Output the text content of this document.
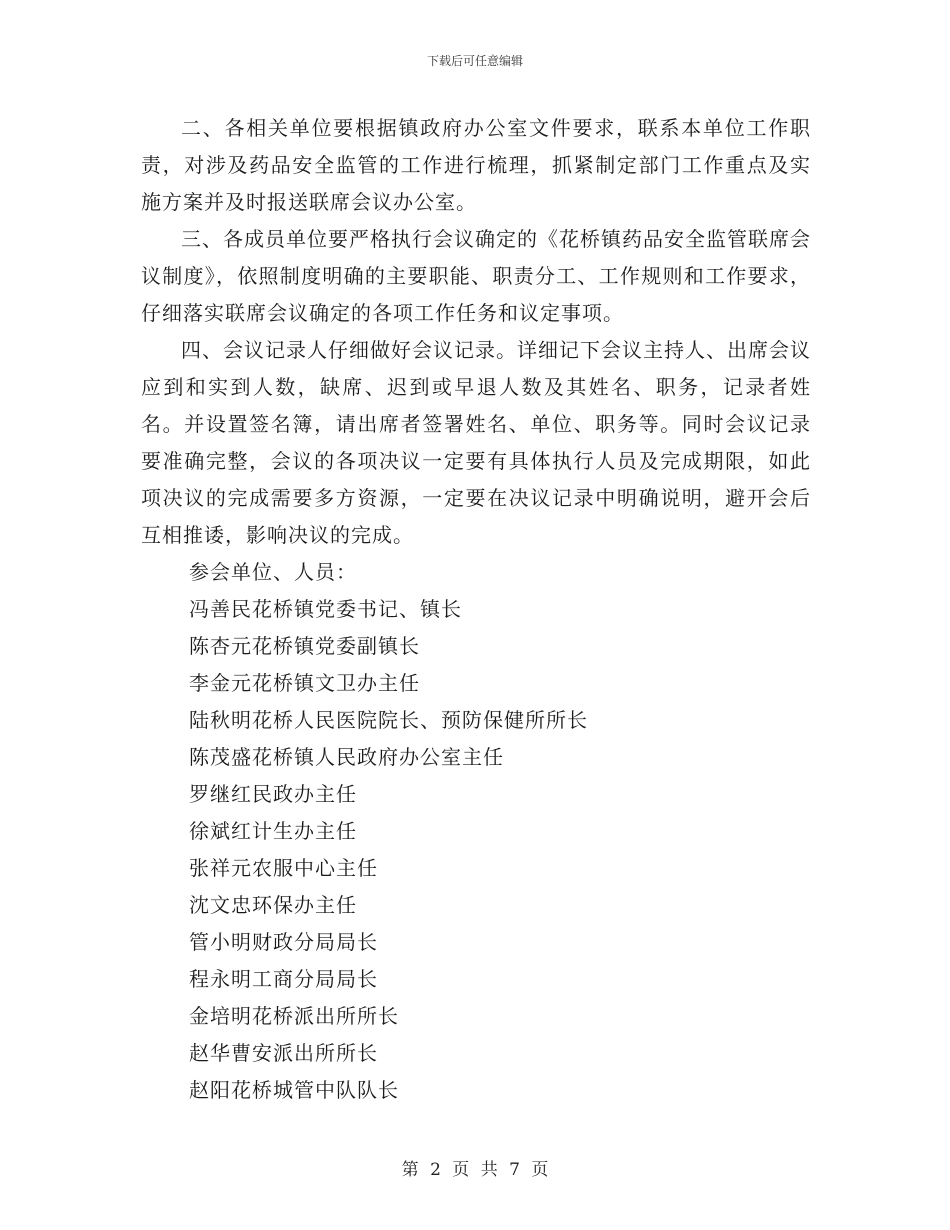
下载后可任意编辑

二、各相关单位要根据镇政府办公室文件要求，联系本单位工作职责，对涉及药品安全监管的工作进行梳理，抓紧制定部门工作重点及实施方案并及时报送联席会议办公室。

三、各成员单位要严格执行会议确定的《花桥镇药品安全监管联席会议制度》，依照制度明确的主要职能、职责分工、工作规则和工作要求，仔细落实联席会议确定的各项工作任务和议定事项。

四、会议记录人仔细做好会议记录。详细记下会议主持人、出席会议应到和实到人数，缺席、迟到或早退人数及其姓名、职务，记录者姓名。并设置签名簿，请出席者签署姓名、单位、职务等。同时会议记录要准确完整，会议的各项决议一定要有具体执行人员及完成期限，如此项决议的完成需要多方资源，一定要在决议记录中明确说明，避开会后互相推诿，影响决议的完成。

参会单位、人员：

冯善民花桥镇党委书记、镇长

陈杏元花桥镇党委副镇长

李金元花桥镇文卫办主任

陆秋明花桥人民医院院长、预防保健所所长

陈茂盛花桥镇人民政府办公室主任

罗继红民政办主任

徐斌红计生办主任

张祥元农服中心主任

沈文忠环保办主任

管小明财政分局局长

程永明工商分局局长

金培明花桥派出所所长

赵华曹安派出所所长

赵阳花桥城管中队队长

第 2 页 共 7 页
